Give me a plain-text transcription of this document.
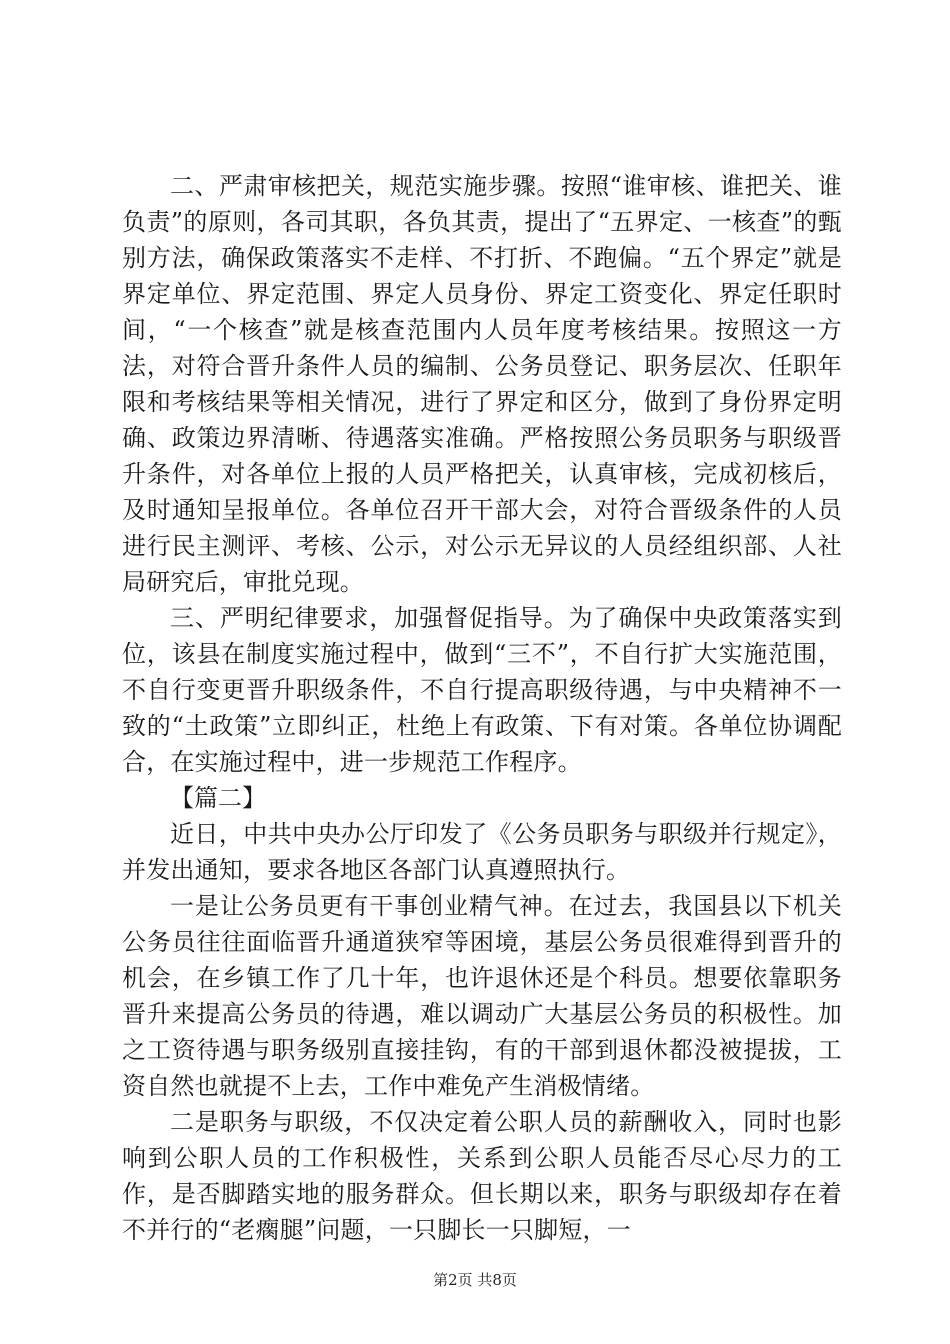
二、严肃审核把关，规范实施步骤。按照“谁审核、谁把关、谁负责”的原则，各司其职，各负其责，提出了“五界定、一核查”的甄别方法，确保政策落实不走样、不打折、不跑偏。“五个界定”就是界定单位、界定范围、界定人员身份、界定工资变化、界定任职时间，“一个核查”就是核查范围内人员年度考核结果。按照这一方法，对符合晋升条件人员的编制、公务员登记、职务层次、任职年限和考核结果等相关情况，进行了界定和区分，做到了身份界定明确、政策边界清晰、待遇落实准确。严格按照公务员职务与职级晋升条件，对各单位上报的人员严格把关，认真审核，完成初核后，及时通知呈报单位。各单位召开干部大会，对符合晋级条件的人员进行民主测评、考核、公示，对公示无异议的人员经组织部、人社局研究后，审批兑现。

三、严明纪律要求，加强督促指导。为了确保中央政策落实到位，该县在制度实施过程中，做到“三不”，不自行扩大实施范围，不自行变更晋升职级条件，不自行提高职级待遇，与中央精神不一致的“土政策”立即纠正，杜绝上有政策、下有对策。各单位协调配合，在实施过程中，进一步规范工作程序。

【篇二】

近日，中共中央办公厅印发了《公务员职务与职级并行规定》，并发出通知，要求各地区各部门认真遵照执行。

一是让公务员更有干事创业精气神。在过去，我国县以下机关公务员往往面临晋升通道狭窄等困境，基层公务员很难得到晋升的机会，在乡镇工作了几十年，也许退休还是个科员。想要依靠职务晋升来提高公务员的待遇，难以调动广大基层公务员的积极性。加之工资待遇与职务级别直接挂钩，有的干部到退休都没被提拔，工资自然也就提不上去，工作中难免产生消极情绪。

二是职务与职级，不仅决定着公职人员的薪酬收入，同时也影响到公职人员的工作积极性，关系到公职人员能否尽心尽力的工作，是否脚踏实地的服务群众。但长期以来，职务与职级却存在着不并行的“老瘸腿”问题，一只脚长一只脚短，一

第2页 共8页
